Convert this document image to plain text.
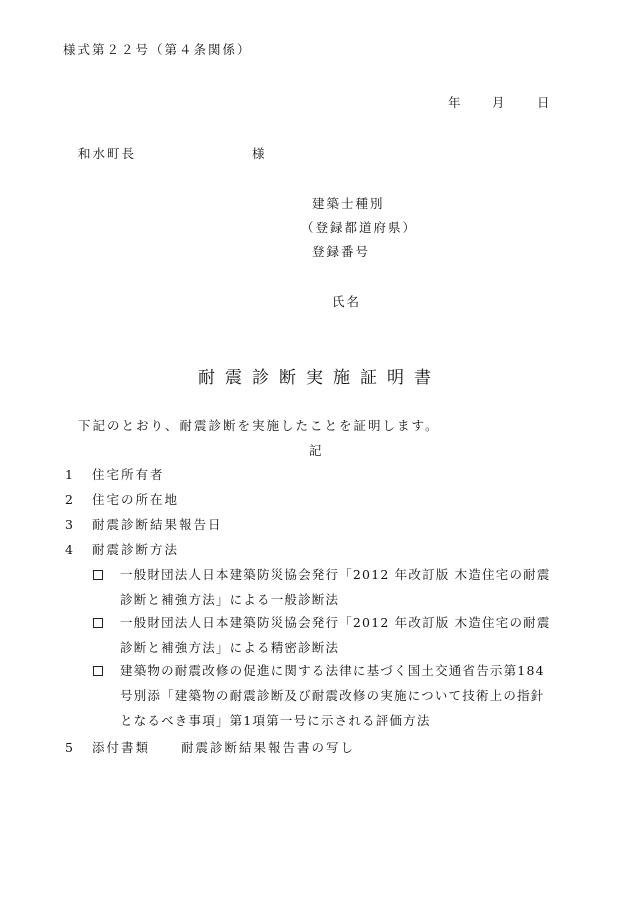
様式第２２号（第４条関係）
年	月	日
和水町長	様
建築士種別
（登録都道府県）
登録番号
氏名
耐震診断実施証明書
下記のとおり、耐震診断を実施したことを証明します。
記
1 住宅所有者
2 住宅の所在地
3 耐震診断結果報告日
4 耐震診断方法
一般財団法人日本建築防災協会発行「2012 年改訂版 木造住宅の耐震
診断と補強方法」による一般診断法
一般財団法人日本建築防災協会発行「2012 年改訂版 木造住宅の耐震
診断と補強方法」による精密診断法
建築物の耐震改修の促進に関する法律に基づく国土交通省告示第184
号別添「建築物の耐震診断及び耐震改修の実施について技術上の指針
となるべき事項」第1項第一号に示される評価方法
5 添付書類 耐震診断結果報告書の写し
